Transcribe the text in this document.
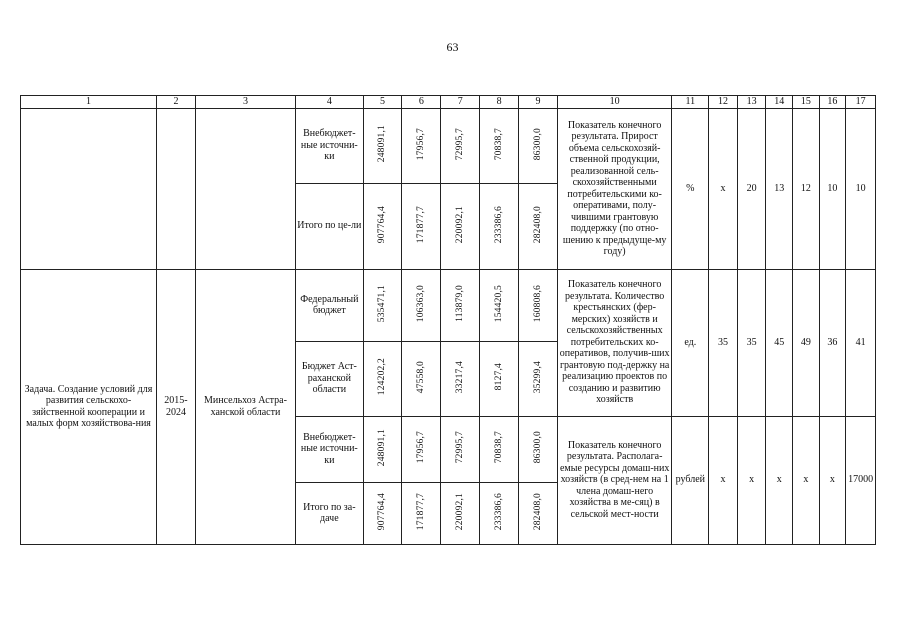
63
1	2	3	4	5	6	7	8	9	10	11	12	13	14	15	16	17
			Внебюджет-ные источни-ки	248091,1	17956,7	72995,7	70838,7	86300,0	Показатель конечного результата. Прирост объема сельскохозяй-ственной продукции, реализованной сель-скохозяйственными потребительскими ко-оперативами, полу-чившими грантовую поддержку (по отно-шению к предыдуще-му году)	%	x	20	13	12	10	10
			Итого по це-ли	907764,4	171877,7	220092,1	233386,6	282408,0								
Задача. Создание условий для развития сельскохо-зяйственной кооперации и малых форм хозяйствова-ния	2015-2024	Минсельхоз Астра-ханской области	Федеральный бюджет	535471,1	106363,0	113879,0	154420,5	160808,6	Показатель конечного результата. Количество крестьянских (фер-мерских) хозяйств и сельскохозяйственных потребительских ко-оперативов, получив-ших грантовую под-держку на реализацию проектов по созданию и развитию хозяйств	ед.	35	35	45	49	36	41
			Бюджет Аст-раханской области	124202,2	47558,0	33217,4	8127,4	35299,4								
			Внебюджет-ные источни-ки	248091,1	17956,7	72995,7	70838,7	86300,0	Показатель конечного результата. Располага-емые ресурсы домаш-них хозяйств (в сред-нем на 1 члена домаш-него хозяйства в ме-сяц) в сельской мест-ности	рублей	x	x	x	x	x	17000
			Итого по за-даче	907764,4	171877,7	220092,1	233386,6	282408,0								
